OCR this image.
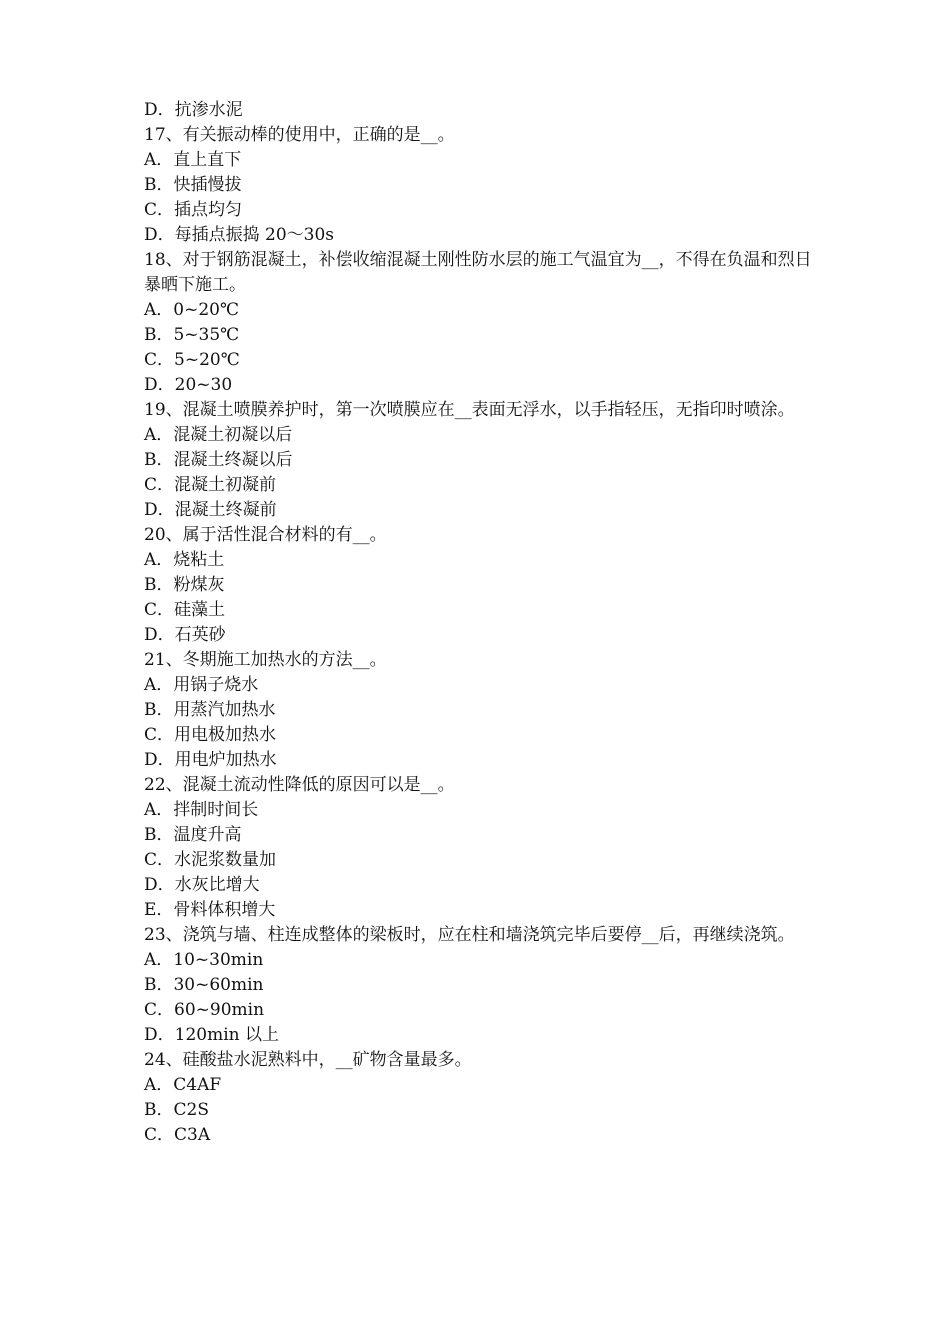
D．抗渗水泥
17、有关振动棒的使用中，正确的是__。
A．直上直下
B．快插慢拔
C．插点均匀
D．每插点振捣 20～30s
18、对于钢筋混凝土，补偿收缩混凝土刚性防水层的施工气温宜为__，不得在负温和烈日暴晒下施工。
A．0~20℃
B．5~35℃
C．5~20℃
D．20~30
19、混凝土喷膜养护时，第一次喷膜应在__表面无浮水，以手指轻压，无指印时喷涂。
A．混凝土初凝以后
B．混凝土终凝以后
C．混凝土初凝前
D．混凝土终凝前
20、属于活性混合材料的有__。
A．烧粘土
B．粉煤灰
C．硅藻土
D．石英砂
21、冬期施工加热水的方法__。
A．用锅子烧水
B．用蒸汽加热水
C．用电极加热水
D．用电炉加热水
22、混凝土流动性降低的原因可以是__。
A．拌制时间长
B．温度升高
C．水泥浆数量加
D．水灰比增大
E．骨料体积增大
23、浇筑与墙、柱连成整体的梁板时，应在柱和墙浇筑完毕后要停__后，再继续浇筑。
A．10~30min
B．30~60min
C．60~90min
D．120min 以上
24、硅酸盐水泥熟料中，__矿物含量最多。
A．C4AF
B．C2S
C．C3A
